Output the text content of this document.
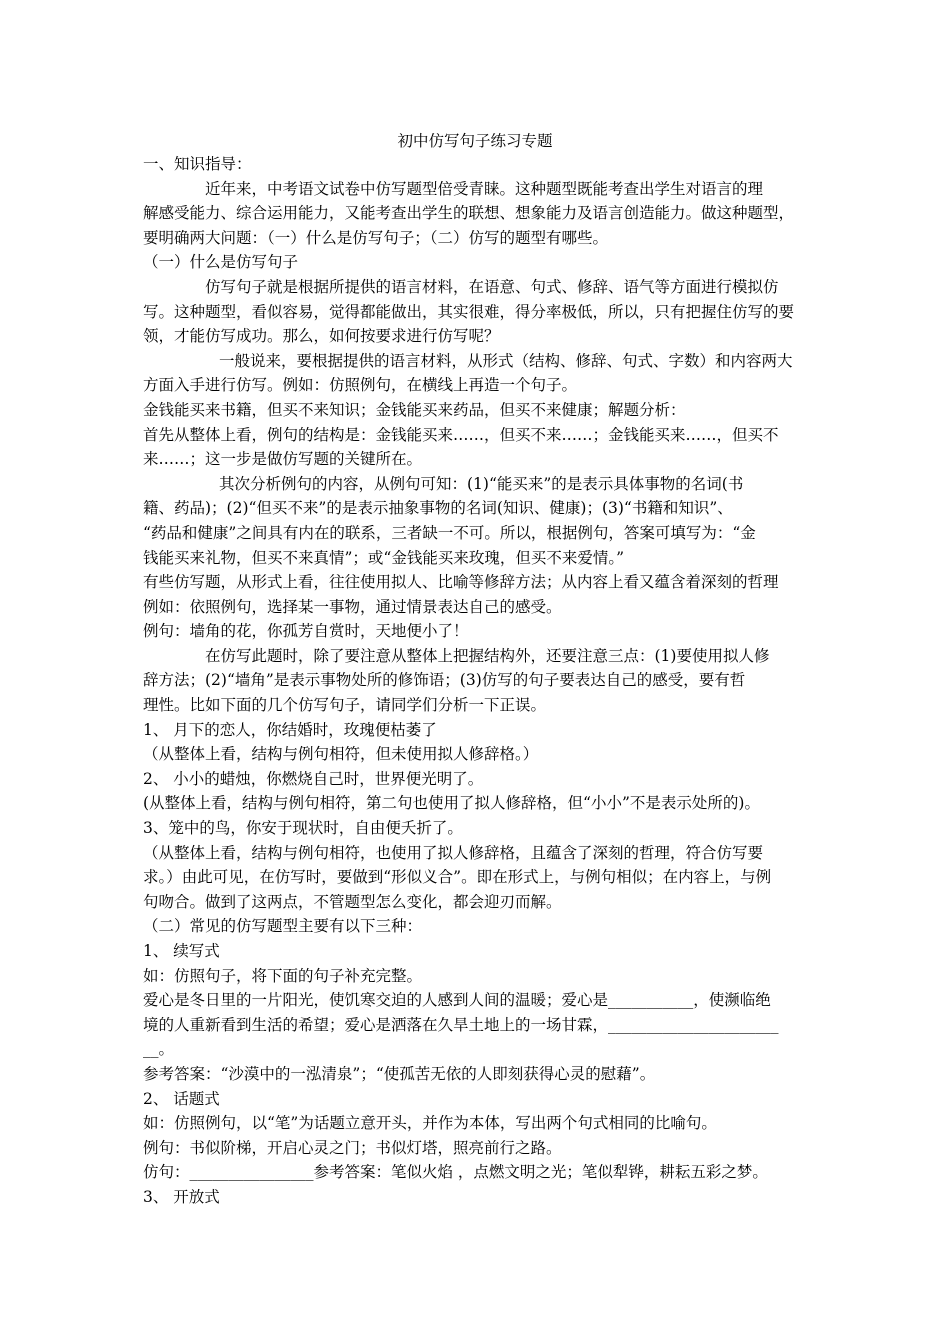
初中仿写句子练习专题
一、知识指导：
近年来，中考语文试卷中仿写题型倍受青睐。这种题型既能考查出学生对语言的理
解感受能力、综合运用能力，又能考查出学生的联想、想象能力及语言创造能力。做这种题型，
要明确两大问题：（一）什么是仿写句子；（二）仿写的题型有哪些。
（一）什么是仿写句子
仿写句子就是根据所提供的语言材料，在语意、句式、修辞、语气等方面进行模拟仿
写。这种题型，看似容易，觉得都能做出，其实很难，得分率极低，所以，只有把握住仿写的要
领，才能仿写成功。那么，如何按要求进行仿写呢？
一般说来，要根据提供的语言材料，从形式（结构、修辞、句式、字数）和内容两大
方面入手进行仿写。例如：仿照例句，在横线上再造一个句子。
金钱能买来书籍，但买不来知识；金钱能买来药品，但买不来健康；解题分析：
首先从整体上看，例句的结构是：金钱能买来……，但买不来……；金钱能买来……，但买不
来……；这一步是做仿写题的关键所在。
其次分析例句的内容，从例句可知：(1)“能买来”的是表示具体事物的名词(书
籍、药品)；(2)“但买不来”的是表示抽象事物的名词(知识、健康)；(3)“书籍和知识”、
“药品和健康”之间具有内在的联系，三者缺一不可。所以，根据例句，答案可填写为：“金
钱能买来礼物，但买不来真情”；或“金钱能买来玫瑰，但买不来爱情。”
有些仿写题，从形式上看，往往使用拟人、比喻等修辞方法；从内容上看又蕴含着深刻的哲理
例如：依照例句，选择某一事物，通过情景表达自己的感受。
例句：墙角的花，你孤芳自赏时，天地便小了！
在仿写此题时，除了要注意从整体上把握结构外，还要注意三点：(1)要使用拟人修
辞方法；(2)“墙角”是表示事物处所的修饰语；(3)仿写的句子要表达自己的感受，要有哲
理性。比如下面的几个仿写句子，请同学们分析一下正误。
1、 月下的恋人，你结婚时，玫瑰便枯萎了
（从整体上看，结构与例句相符，但未使用拟人修辞格。）
2、 小小的蜡烛，你燃烧自己时，世界便光明了。
(从整体上看，结构与例句相符，第二句也使用了拟人修辞格，但“小小”不是表示处所的)。
3、笼中的鸟，你安于现状时，自由便夭折了。
（从整体上看，结构与例句相符，也使用了拟人修辞格，且蕴含了深刻的哲理，符合仿写要
求。）由此可见，在仿写时，要做到“形似义合”。即在形式上，与例句相似；在内容上，与例
句吻合。做到了这两点，不管题型怎么变化，都会迎刃而解。
（二）常见的仿写题型主要有以下三种：
1、 续写式
如：仿照句子，将下面的句子补充完整。
爱心是冬日里的一片阳光，使饥寒交迫的人感到人间的温暖；爱心是___________，使濒临绝
境的人重新看到生活的希望；爱心是洒落在久旱土地上的一场甘霖，______________________
__。
参考答案：“沙漠中的一泓清泉”；“使孤苦无依的人即刻获得心灵的慰藉”。
2、 话题式
如：仿照例句，以“笔”为话题立意开头，并作为本体，写出两个句式相同的比喻句。
例句：书似阶梯，开启心灵之门；书似灯塔，照亮前行之路。
仿句：________________参考答案：笔似火焰 ，点燃文明之光；笔似犁铧，耕耘五彩之梦。
3、 开放式
